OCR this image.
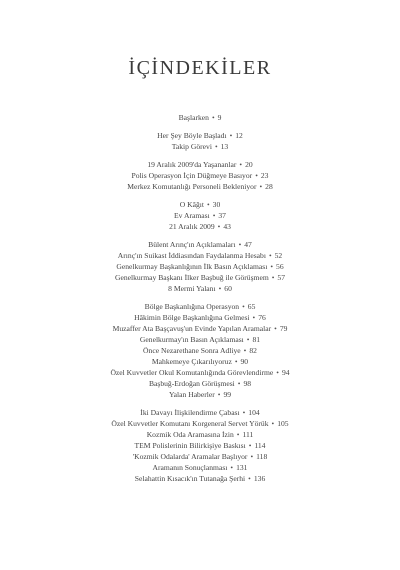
İÇİNDEKİLER
Başlarken • 9
Her Şey Böyle Başladı • 12
Takip Görevi • 13
19 Aralık 2009'da Yaşananlar • 20
Polis Operasyon İçin Düğmeye Basıyor • 23
Merkez Komutanlığı Personeli Bekleniyor • 28
O Kâğıt • 30
Ev Araması • 37
21 Aralık 2009 • 43
Bülent Arınç'ın Açıklamaları • 47
Arınç'ın Suikast İddiasından Faydalanma Hesabı • 52
Genelkurmay Başkanlığının İlk Basın Açıklaması • 56
Genelkurmay Başkanı İlker Başbuğ ile Görüşmem • 57
8 Mermi Yalanı • 60
Bölge Başkanlığına Operasyon • 65
Hâkimin Bölge Başkanlığına Gelmesi • 76
Muzaffer Ata Başçavuş'un Evinde Yapılan Aramalar • 79
Genelkurmay'ın Basın Açıklaması • 81
Önce Nezarethane Sonra Adliye • 82
Mahkemeye Çıkarılıyoruz • 90
Özel Kuvvetler Okul Komutanlığında Görevlendirme • 94
Başbuğ-Erdoğan Görüşmesi • 98
Yalan Haberler • 99
İki Davayı İlişkilendirme Çabası • 104
Özel Kuvvetler Komutanı Korgeneral Servet Yörük • 105
Kozmik Oda Aramasına İzin • 111
TEM Polislerinin Bilirkişiye Baskısı • 114
'Kozmik Odalarda' Aramalar Başlıyor • 118
Aramanın Sonuçlanması • 131
Selahattin Kısacık'ın Tutanağa Şerhi • 136
